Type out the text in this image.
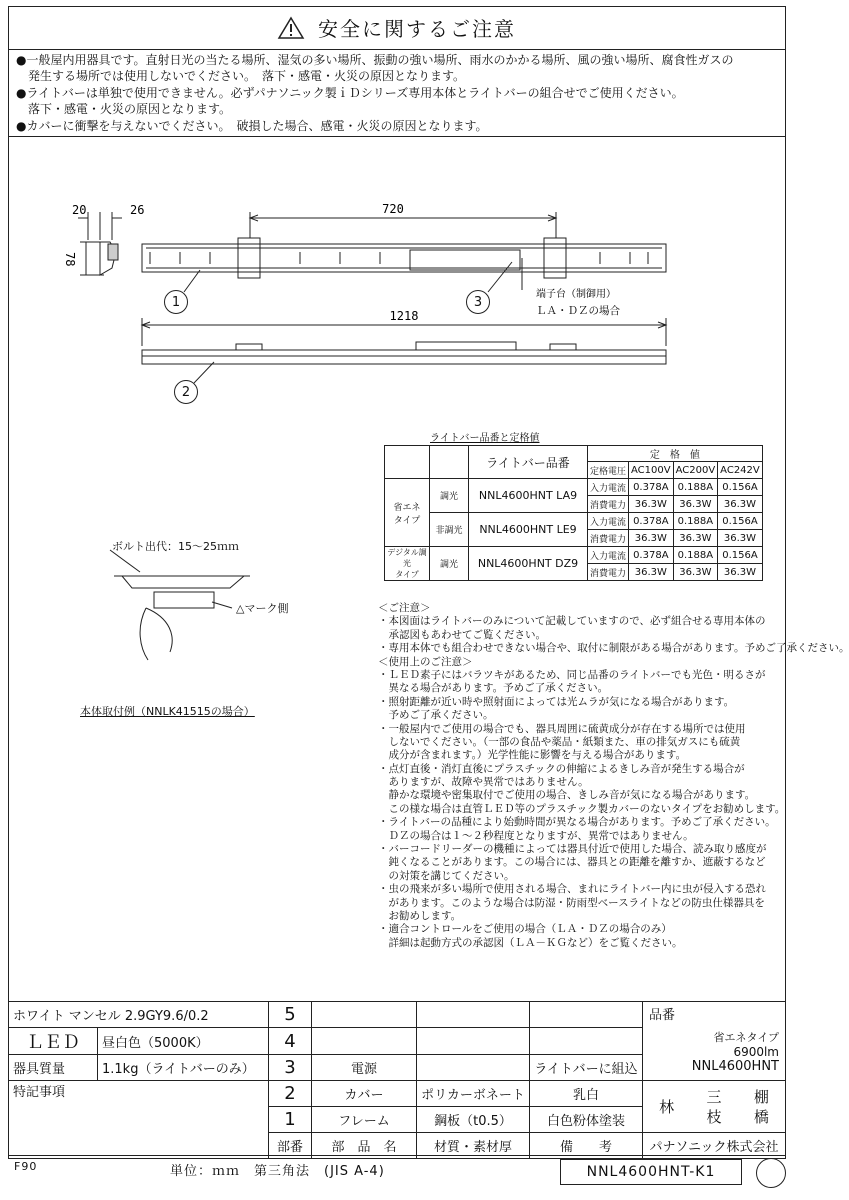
安全に関するご注意
●一般屋内用器具です。直射日光の当たる場所、湿気の多い場所、振動の強い場所、雨水のかかる場所、風の強い場所、腐食性ガスの
　発生する場所では使用しないでください。　落下・感電・火災の原因となります。
●ライトバーは単独で使用できません。必ずパナソニック製ｉＤシリーズ専用本体とライトバーの組合せでご使用ください。
　落下・感電・火災の原因となります。
●カバーに衝撃を与えないでください。　破損した場合、感電・火災の原因となります。
20	26
78
720
1218
端子台（制御用）
ＬＡ・ＤＺの場合
1	3
2
ライトバー品番と定格値
		ライトバー品番	定　格　値			
			定格電圧	AC100V	AC200V	AC242V
省エネ
タイプ	調光	NNL4600HNT LA9	入力電流	0.378A	0.188A	0.156A
			消費電力	36.3W	36.3W	36.3W
	非調光	NNL4600HNT LE9	入力電流	0.378A	0.188A	0.156A
			消費電力	36.3W	36.3W	36.3W
デジタル調光
タイプ	調光	NNL4600HNT DZ9	入力電流	0.378A	0.188A	0.156A
			消費電力	36.3W	36.3W	36.3W
ボルト出代：15～25ｍｍ
△マーク側
本体取付例（NNLK41515の場合）
＜ご注意＞
・本図面はライトバーのみについて記載していますので、必ず組合せる専用本体の
　承認図もあわせてご覧ください。
・専用本体でも組合わせできない場合や、取付に制限がある場合があります。予めご了承ください。
＜使用上のご注意＞
・ＬＥＤ素子にはバラツキがあるため、同じ品番のライトバーでも光色・明るさが
　異なる場合があります。予めご了承ください。
・照射距離が近い時や照射面によっては光ムラが気になる場合があります。
　予めご了承ください。
・一般屋内でご使用の場合でも、器具周囲に硫黄成分が存在する場所では使用
　しないでください。（一部の食品や薬品・紙類また、車の排気ガスにも硫黄
　成分が含まれます。）光学性能に影響を与える場合があります。
・点灯直後・消灯直後にプラスチックの伸縮によるきしみ音が発生する場合が
　ありますが、故障や異常ではありません。
　静かな環境や密集取付でご使用の場合、きしみ音が気になる場合があります。
　この様な場合は直管ＬＥＤ等のプラスチック製カバーのないタイプをお勧めします。
・ライトバーの品種により始動時間が異なる場合があります。予めご了承ください。
　ＤＺの場合は１～２秒程度となりますが、異常ではありません。
・バーコードリーダーの機種によっては器具付近で使用した場合、読み取り感度が
　鈍くなることがあります。この場合には、器具との距離を離すか、遮蔽するなど
　の対策を講じてください。
・虫の飛来が多い場所で使用される場合、まれにライトバー内に虫が侵入する恐れ
　があります。このような場合は防湿・防雨型ベースライトなどの防虫仕様器具を
　お勧めします。
・適合コントロールをご使用の場合（ＬＡ・ＤＺの場合のみ）
　詳細は起動方式の承認図（ＬＡ－ＫＧなど）をご覧ください。
ホワイト マンセル 2.9GY9.6/0.2		5				品番
省エネタイプ
6900lm
NNL4600HNT

ＬＥＤ	昼白色（5000K）	4				
器具質量	1.1kg（ライトバーのみ）	3	電源		ライトバーに組込	
特記事項		2	カバー	ポリカーボネート	乳白	林
三
枝
棚
橋

		1	フレーム	鋼板（t0.5）	白色粉体塗装	
		部番	部　品　名	材質・素材厚	備　　考	パナソニック株式会社
F90	単位：ｍｍ　第三角法　(JIS A-4)	NNL4600HNT-K1
